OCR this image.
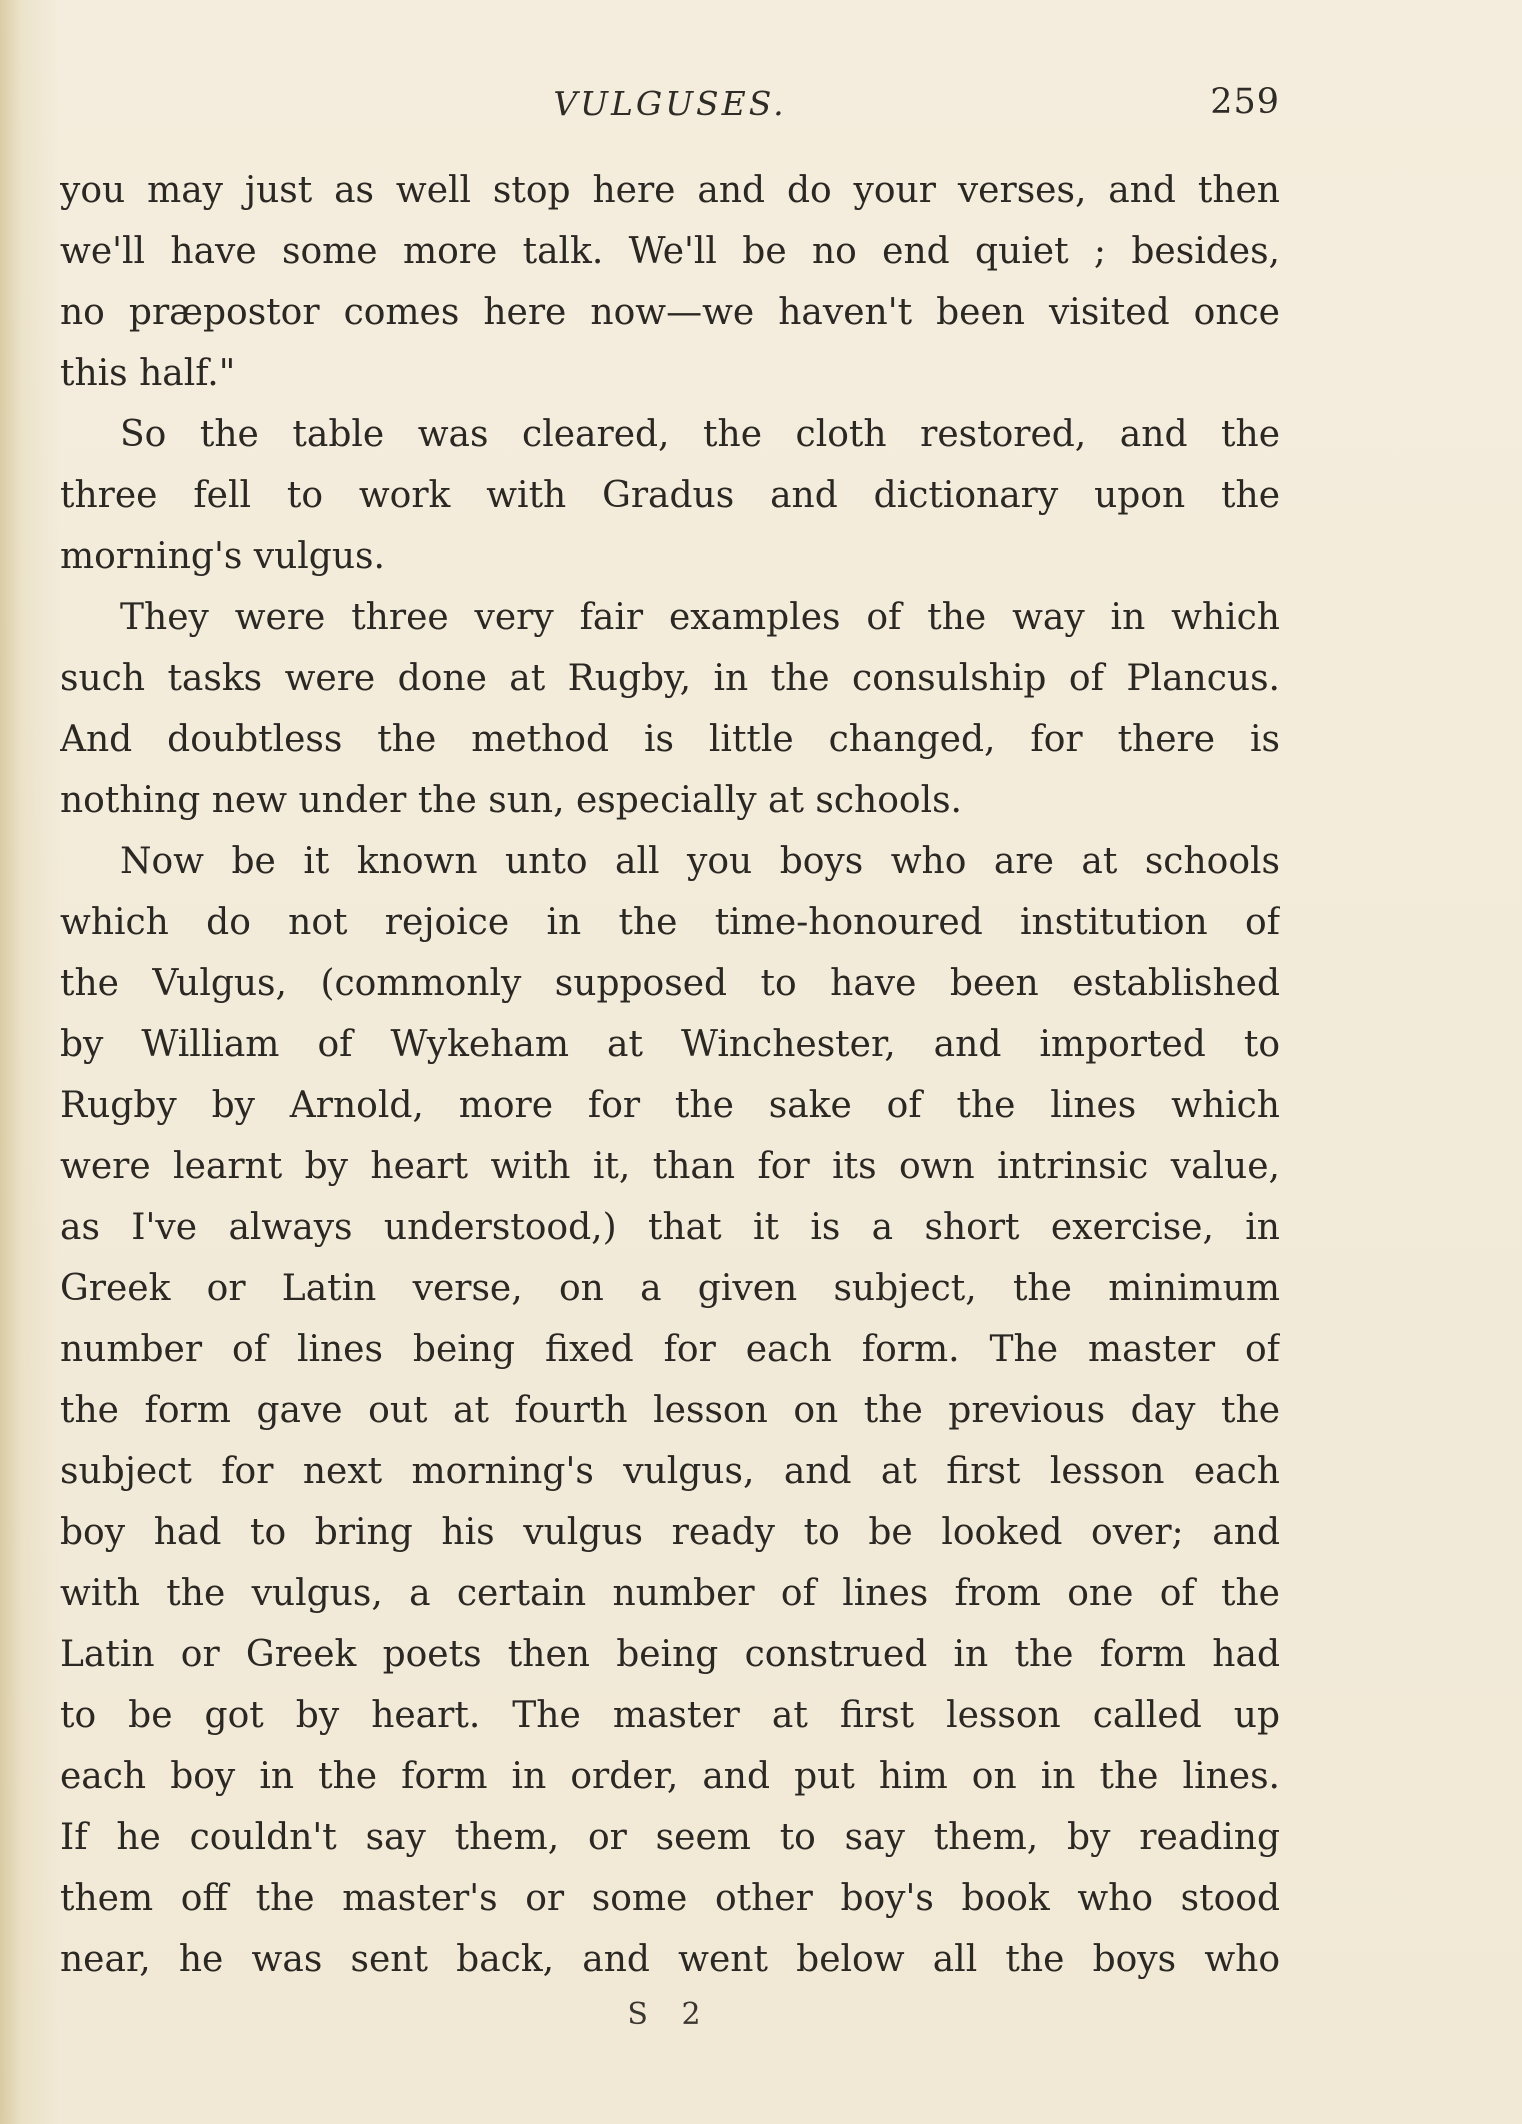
VULGUSES.	259
you may just as well stop here and do your verses, and then
we'll have some more talk. We'll be no end quiet ; besides,
no præpostor comes here now—we haven't been visited once
this half."
So the table was cleared, the cloth restored, and the
three fell to work with Gradus and dictionary upon the
morning's vulgus.
They were three very fair examples of the way in which
such tasks were done at Rugby, in the consulship of Plancus.
And doubtless the method is little changed, for there is
nothing new under the sun, especially at schools.
Now be it known unto all you boys who are at schools
which do not rejoice in the time-honoured institution of
the Vulgus, (commonly supposed to have been established
by William of Wykeham at Winchester, and imported to
Rugby by Arnold, more for the sake of the lines which
were learnt by heart with it, than for its own intrinsic value,
as I've always understood,) that it is a short exercise, in
Greek or Latin verse, on a given subject, the minimum
number of lines being fixed for each form. The master of
the form gave out at fourth lesson on the previous day the
subject for next morning's vulgus, and at first lesson each
boy had to bring his vulgus ready to be looked over; and
with the vulgus, a certain number of lines from one of the
Latin or Greek poets then being construed in the form had
to be got by heart. The master at first lesson called up
each boy in the form in order, and put him on in the lines.
If he couldn't say them, or seem to say them, by reading
them off the master's or some other boy's book who stood
near, he was sent back, and went below all the boys who
S 2
